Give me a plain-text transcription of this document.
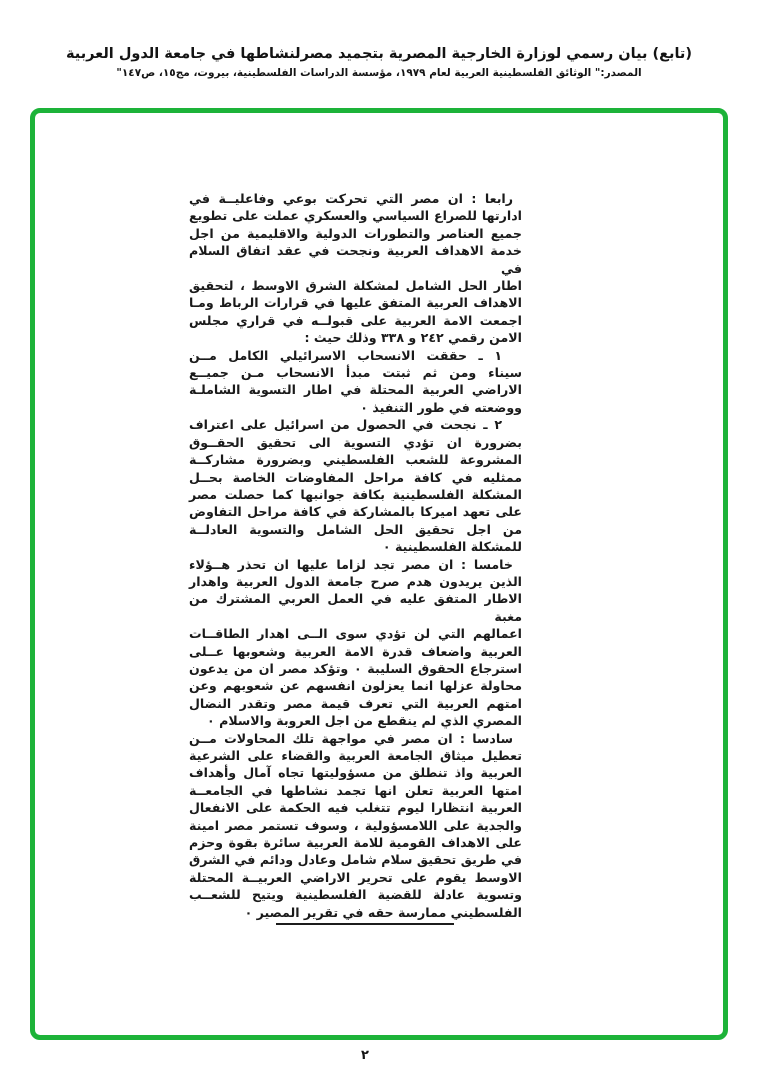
(تابع) بيان رسمي لوزارة الخارجية المصرية بتجميد مصرلنشاطها في جامعة الدول العربية
المصدر:" الوثائق الفلسطينية العربية لعام ١٩٧٩، مؤسسة الدراسات الفلسطينية، بيروت، مج١٥، ص١٤٧"
رابعا : ان مصر التي تحركت بوعي وفاعليــة في
ادارتها للصراع السياسي والعسكري عملت على تطويع
جميع العناصر والتطورات الدولية والاقليمية من اجل
خدمة الاهداف العربية ونجحت في عقد اتفاق السلام في
اطار الحل الشامل لمشكلة الشرق الاوسط ، لتحقيق
الاهداف العربية المتفق عليها في قرارات الرباط ومـا
اجمعت الامة العربية على قبولــه في قراري مجلس
الامن رقمي ٢٤٢ و ٣٣٨ وذلك حيث :
١ ـ حققت الانسحاب الاسرائيلي الكامل مــن
سيناء ومن ثم ثبتت مبدأ الانسحاب مـن جميــع
الاراضي العربية المحتلة في اطار التسوية الشاملـة
ووضعته في طور التنفيذ ٠
٢ ـ نجحت في الحصول من اسرائيل على اعتراف
بضرورة ان تؤدي التسوية الى تحقيق الحقــوق
المشروعة للشعب الفلسطيني وبضرورة مشاركــة
ممثليه في كافة مراحل المفاوضات الخاصة بحــل
المشكلة الفلسطينية بكافة جوانبها كما حصلت مصر
على تعهد اميركا بالمشاركة في كافة مراحل التفاوض
من اجل تحقيق الحل الشامل والتسوية العادلــة
للمشكلة الفلسطينية ٠
خامسا : ان مصر تجد لزاما عليها ان تحذر هــؤلاء
الذين يريدون هدم صرح جامعة الدول العربية واهدار
الاطار المتفق عليه في العمل العربي المشترك من مغبة
اعمالهم التي لن تؤدي سوى الــى اهدار الطاقــات
العربية واضعاف قدرة الامة العربية وشعوبها عــلى
استرجاع الحقوق السليبة ٠ وتؤكد مصر ان من يدعون
محاولة عزلها انما يعزلون انفسهم عن شعوبهم وعن
امتهم العربية التي تعرف قيمة مصر وتقدر النضال
المصري الذي لم ينقطع من اجل العروبة والاسلام ٠
سادسا : ان مصر في مواجهة تلك المحاولات مــن
تعطيل ميثاق الجامعة العربية والقضاء على الشرعية
العربية واذ تنطلق من مسؤوليتها تجاه آمال وأهداف
امتها العربية تعلن انها تجمد نشاطها في الجامعــة
العربية انتظارا ليوم تتغلب فيه الحكمة على الانفعال
والجدية على اللامسؤولية ، وسوف تستمر مصر امينة
على الاهداف القومية للامة العربية سائرة بقوة وحزم
في طريق تحقيق سلام شامل وعادل ودائم في الشرق
الاوسط يقوم على تحرير الاراضي العربيــة المحتلة
وتسوية عادلة للقضية الفلسطينية ويتيح للشعــب
الفلسطيني ممارسة حقه في تقرير المصير ٠
٢
